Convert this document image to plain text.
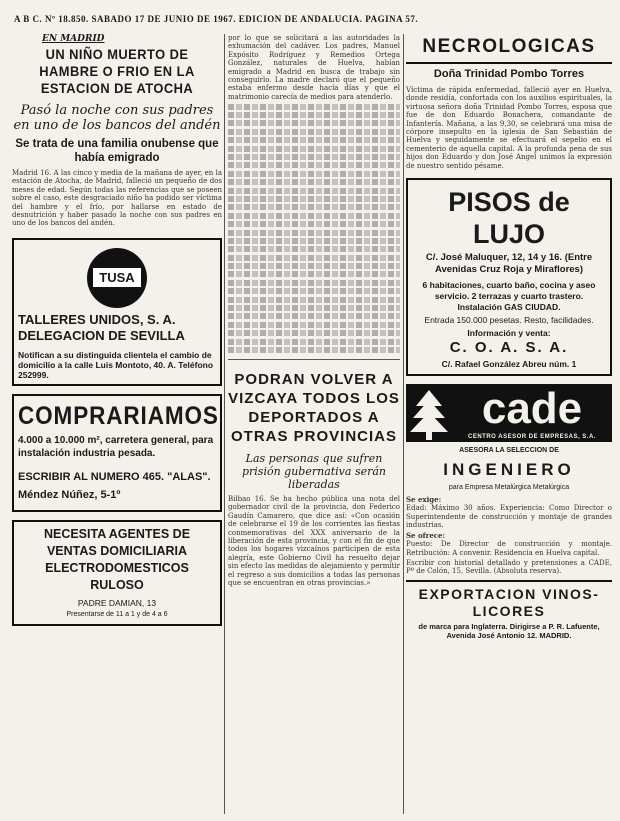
A B C. Nº 18.850. SABADO 17 DE JUNIO DE 1967. EDICION DE ANDALUCIA. PAGINA 57.
EN MADRID
UN NIÑO MUERTO DE HAMBRE O FRIO EN LA ESTACION DE ATOCHA
Pasó la noche con sus padres en uno de los bancos del andén
Se trata de una familia onubense que había emigrado

Madrid 16. A las cinco y media de la mañana de ayer, en la estación de Atocha, de Madrid, falleció un pequeño de dos meses de edad. Según todas las referencias que se poseen sobre el caso, este desgraciado niño ha podido ser víctima del hambre y el frío, por hallarse en estado de desnutrición y haber pasado la noche con sus padres en uno de los bancos del andén.

TUSA
TALLERES UNIDOS, S. A.
DELEGACION DE SEVILLA
Notifican a su distinguida clientela el cambio de domicilio a la calle Luis Montoto, 40. A. Teléfono 252999.
COMPRARIAMOS
4.000 a 10.000 m², carretera general, para instalación industria pesada.
ESCRIBIR AL NUMERO 465. "ALAS".
Méndez Núñez, 5-1º
NECESITA AGENTES DE VENTAS DOMICILIARIA ELECTRODOMESTICOS RULOSO
PADRE DAMIAN, 13
Presentarse de 11 a 1 y de 4 a 6

por lo que se solicitará a las autoridades la exhumación del cadáver. Los padres, Manuel Expósito Rodríguez y Remedios Ortega González, naturales de Huelva, habían emigrado a Madrid en busca de trabajo sin conseguirlo. La madre declaró que el pequeño estaba enfermo desde hacía días y que el matrimonio carecía de medios para atenderlo.

PODRAN VOLVER A VIZCAYA TODOS LOS DEPORTADOS A OTRAS PROVINCIAS
Las personas que sufren prisión gubernativa serán liberadas

Bilbao 16. Se ha hecho pública una nota del gobernador civil de la provincia, don Federico Gaudín Camarero, que dice así: «Con ocasión de celebrarse el 19 de los corrientes las fiestas conmemorativas del XXX aniversario de la liberación de esta provincia, y con el fin de que todos los hogares vizcaínos participen de esta alegría, este Gobierno Civil ha resuelto dejar sin efecto las medidas de alejamiento y permitir el regreso a sus domicilios a todas las personas que se encuentran en otras provincias.»

NECROLOGICAS
Doña Trinidad Pombo Torres

Víctima de rápida enfermedad, falleció ayer en Huelva, donde residía, confortada con los auxilios espirituales, la virtuosa señora doña Trinidad Pombo Torres, esposa que fue de don Eduardo Bonachera, comandante de Infantería. Mañana, a las 9,30, se celebrará una misa de córpore insepulto en la iglesia de San Sebastián de Huelva y seguidamente se efectuará el sepelio en el cementerio de aquella capital. A la profunda pena de sus hijos don Eduardo y don José Angel unimos la expresión de nuestro sentido pésame.

PISOS de LUJO
C/. José Maluquer, 12, 14 y 16. (Entre Avenidas Cruz Roja y Miraflores)
6 habitaciones, cuarto baño, cocina y aseo servicio. 2 terrazas y cuarto trastero. Instalación GAS CIUDAD.
Entrada 150.000 pesetas. Resto, facilidades.
Información y venta:
C. O. A. S. A.
C/. Rafael González Abreu núm. 1
cade
CENTRO ASESOR DE EMPRESAS, S.A.
ASESORA LA SELECCION DE
INGENIERO
para Empresa Metalúrgica Metalúrgica
Se exige:
Edad: Máximo 30 años. Experiencia: Como Director o Superintendente de construcción y montaje de grandes industrias.
Se ofrece:
Puesto: De Director de construcción y montaje. Retribución: A convenir. Residencia en Huelva capital.
Escribir con historial detallado y pretensiones a CADE, Pº de Colón, 15, Sevilla. (Absoluta reserva).
EXPORTACION VINOS-LICORES
de marca para Inglaterra. Dirigirse a P. R. Lafuente, Avenida José Antonio 12. MADRID.
